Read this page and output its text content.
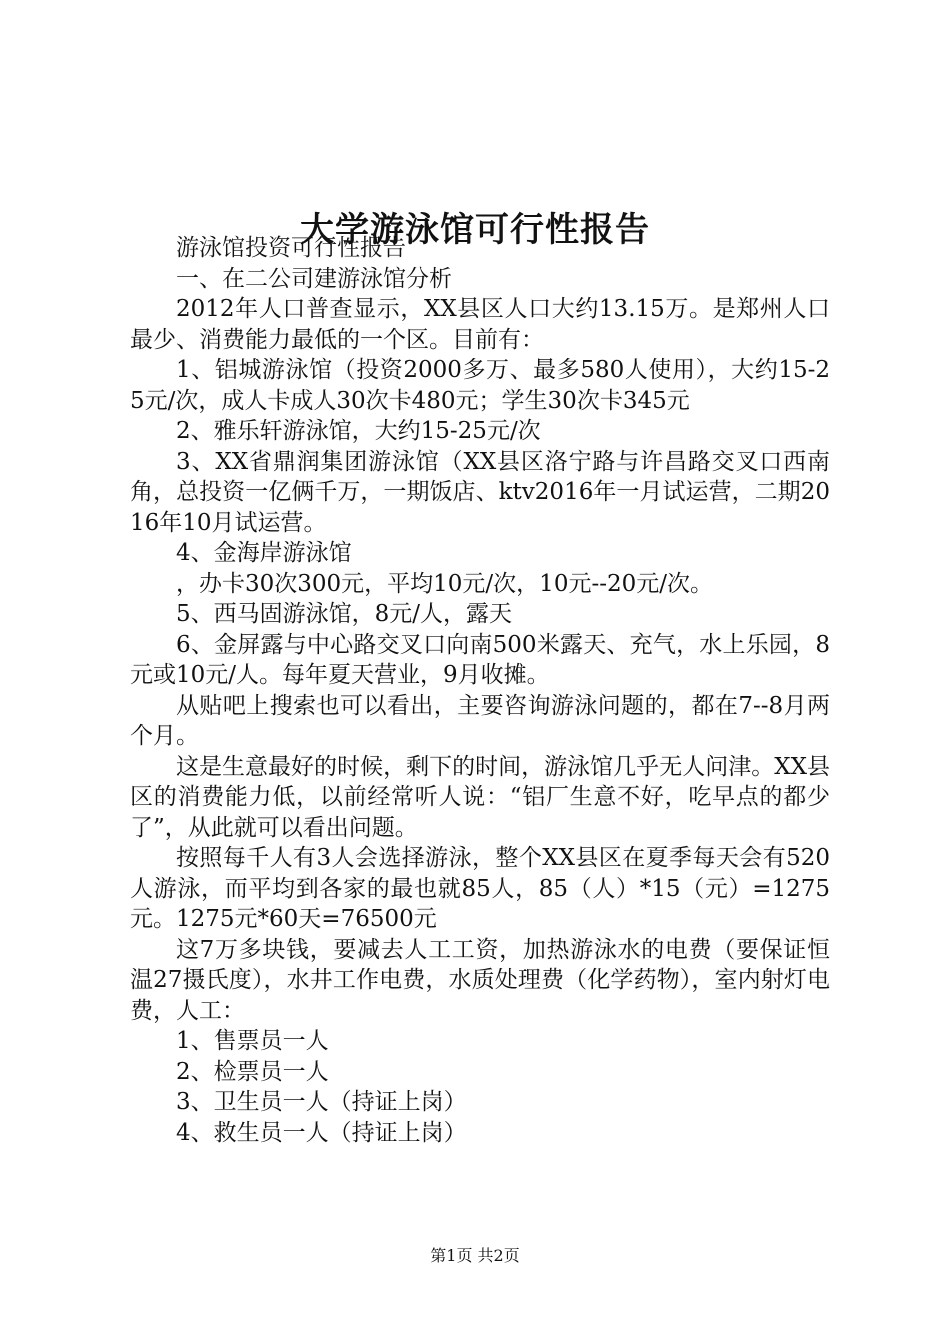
大学游泳馆可行性报告

游泳馆投资可行性报告

一、在二公司建游泳馆分析

2012年人口普查显示，XX县区人口大约13.15万。是郑州人口最少、消费能力最低的一个区。目前有：

1、铝城游泳馆（投资2000多万、最多580人使用），大约15-25元/次，成人卡成人30次卡480元；学生30次卡345元

2、雅乐轩游泳馆，大约15-25元/次

3、XX省鼎润集团游泳馆（XX县区洛宁路与许昌路交叉口西南角，总投资一亿俩千万，一期饭店、ktv2016年一月试运营，二期2016年10月试运营。

4、金海岸游泳馆

，办卡30次300元，平均10元/次，10元--20元/次。

5、西马固游泳馆，8元/人，露天

6、金屏露与中心路交叉口向南500米露天、充气，水上乐园，8元或10元/人。每年夏天营业，9月收摊。

从贴吧上搜索也可以看出，主要咨询游泳问题的，都在7--8月两个月。

这是生意最好的时候，剩下的时间，游泳馆几乎无人问津。XX县区的消费能力低，以前经常听人说：“铝厂生意不好，吃早点的都少了”，从此就可以看出问题。

按照每千人有3人会选择游泳，整个XX县区在夏季每天会有520人游泳，而平均到各家的最也就85人，85（人）*15（元）=1275元。1275元*60天=76500元

这7万多块钱，要减去人工工资，加热游泳水的电费（要保证恒温27摄氏度），水井工作电费，水质处理费（化学药物），室内射灯电费，人工：

1、售票员一人

2、检票员一人

3、卫生员一人（持证上岗）

4、救生员一人（持证上岗）

第1页 共2页
